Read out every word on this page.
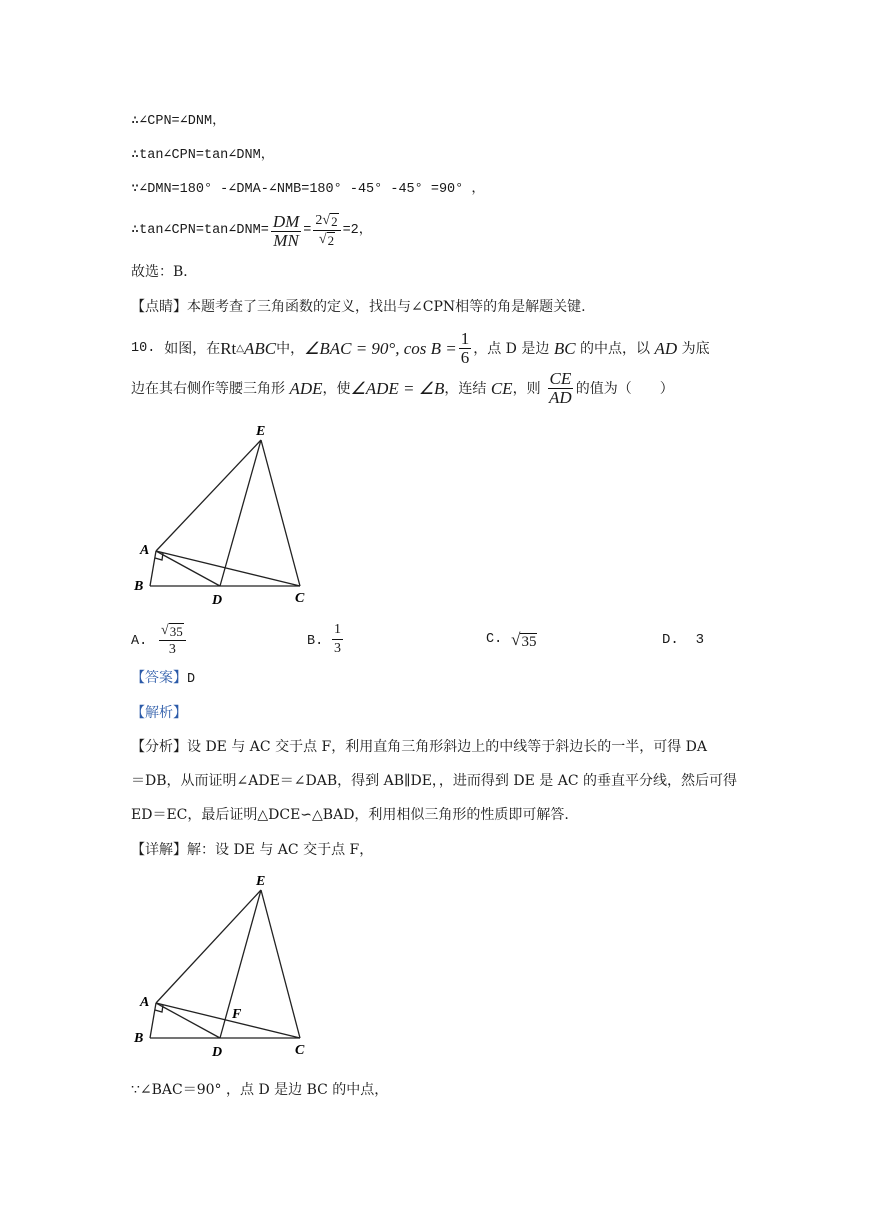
∴∠CPN=∠DNM，
∴tan∠CPN=tan∠DNM，
∵∠DMN=180° -∠DMA-∠NMB=180° -45° -45° =90° ，
∴tan∠CPN=tan∠DNM= $\frac{DM}{MN} = \frac{2 √ 2}{√ 2} =2$，
故选：B．
【点睛】本题考查了三角函数的定义，找出与∠CPN相等的角是解题关键.
10.
如图，在 Rt △ ABC 中， ∠BAC = 90°, $\cos B = \frac{1}{6}$ ，点 D 是边
BC
的中点，以
AD
为底
边在其右侧作等腰三角形
ADE ，使 ∠ADE = ∠B ，连结
CE ，则
$\frac{CE}{AD}$ 的值为（　　）
E
A
B
D	C
A. $\frac{√ 35}{3}$	B. $\frac{1}{3}$	C.
√ 35	D. 3
【答案】D
【解析】
【分析】设 DE 与 AC 交于点 F，利用直角三角形斜边上的中线等于斜边长的一半，可得 DA
＝DB，从而证明∠ADE＝∠DAB，得到 AB∥DE，，进而得到 DE 是 AC 的垂直平分线，然后可得
ED＝EC，最后证明△DCE∽△BAD，利用相似三角形的性质即可解答.
【详解】解：设 DE 与 AC 交于点 F，
E
A
F
B
D	C
∵∠BAC＝90° ，点 D 是边 BC 的中点，
